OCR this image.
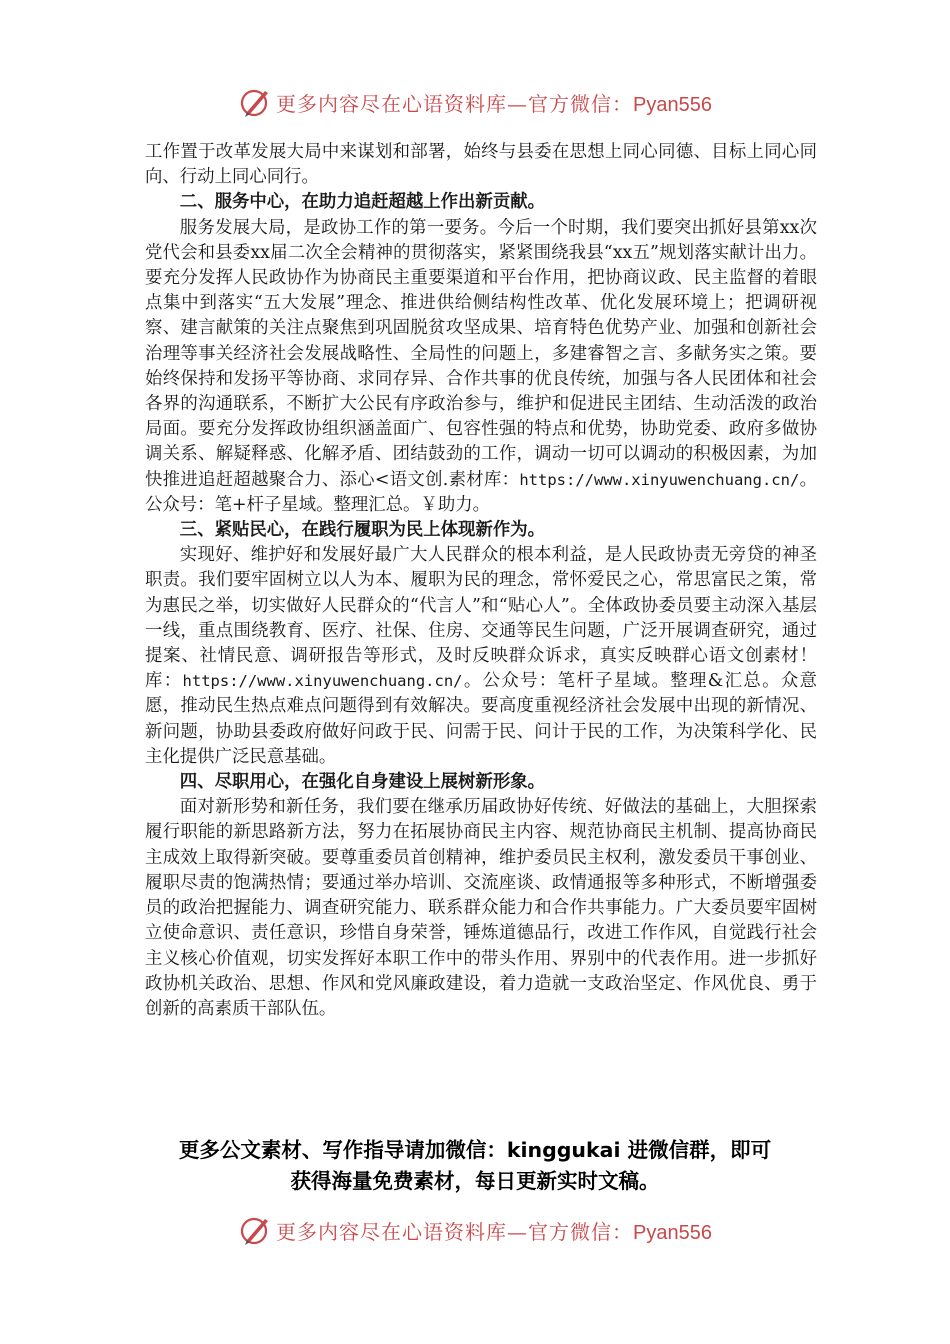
更多内容尽在心语资料库—官方微信：Pyan556

工作置于改革发展大局中来谋划和部署，始终与县委在思想上同心同德、目标上同心同向、行动上同心同行。

二、服务中心，在助力追赶超越上作出新贡献。

服务发展大局，是政协工作的第一要务。今后一个时期，我们要突出抓好县第xx次党代会和县委xx届二次全会精神的贯彻落实，紧紧围绕我县“xx五”规划落实献计出力。要充分发挥人民政协作为协商民主重要渠道和平台作用，把协商议政、民主监督的着眼点集中到落实“五大发展”理念、推进供给侧结构性改革、优化发展环境上；把调研视察、建言献策的关注点聚焦到巩固脱贫攻坚成果、培育特色优势产业、加强和创新社会治理等事关经济社会发展战略性、全局性的问题上，多建睿智之言、多献务实之策。要始终保持和发扬平等协商、求同存异、合作共事的优良传统，加强与各人民团体和社会各界的沟通联系，不断扩大公民有序政治参与，维护和促进民主团结、生动活泼的政治局面。要充分发挥政协组织涵盖面广、包容性强的特点和优势，协助党委、政府多做协调关系、解疑释惑、化解矛盾、团结鼓劲的工作，调动一切可以调动的积极因素，为加快推进追赶超越聚合力、添心<语文创.素材库：https://www.xinyuwenchuang.cn/。公众号：笔+杆子星域。整理汇总。￥助力。

三、紧贴民心，在践行履职为民上体现新作为。

实现好、维护好和发展好最广大人民群众的根本利益，是人民政协责无旁贷的神圣职责。我们要牢固树立以人为本、履职为民的理念，常怀爱民之心，常思富民之策，常为惠民之举，切实做好人民群众的“代言人”和“贴心人”。全体政协委员要主动深入基层一线，重点围绕教育、医疗、社保、住房、交通等民生问题，广泛开展调查研究，通过提案、社情民意、调研报告等形式，及时反映群众诉求，真实反映群心语文创素材！库：https://www.xinyuwenchuang.cn/。公众号：笔杆子星域。整理&汇总。众意愿，推动民生热点难点问题得到有效解决。要高度重视经济社会发展中出现的新情况、新问题，协助县委政府做好问政于民、问需于民、问计于民的工作，为决策科学化、民主化提供广泛民意基础。

四、尽职用心，在强化自身建设上展树新形象。

面对新形势和新任务，我们要在继承历届政协好传统、好做法的基础上，大胆探索履行职能的新思路新方法，努力在拓展协商民主内容、规范协商民主机制、提高协商民主成效上取得新突破。要尊重委员首创精神，维护委员民主权利，激发委员干事创业、履职尽责的饱满热情；要通过举办培训、交流座谈、政情通报等多种形式，不断增强委员的政治把握能力、调查研究能力、联系群众能力和合作共事能力。广大委员要牢固树立使命意识、责任意识，珍惜自身荣誉，锤炼道德品行，改进工作作风，自觉践行社会主义核心价值观，切实发挥好本职工作中的带头作用、界别中的代表作用。进一步抓好政协机关政治、思想、作风和党风廉政建设，着力造就一支政治坚定、作风优良、勇于创新的高素质干部队伍。

更多公文素材、写作指导请加微信：kinggukai 进微信群，即可
获得海量免费素材，每日更新实时文稿。
更多内容尽在心语资料库—官方微信：Pyan556
